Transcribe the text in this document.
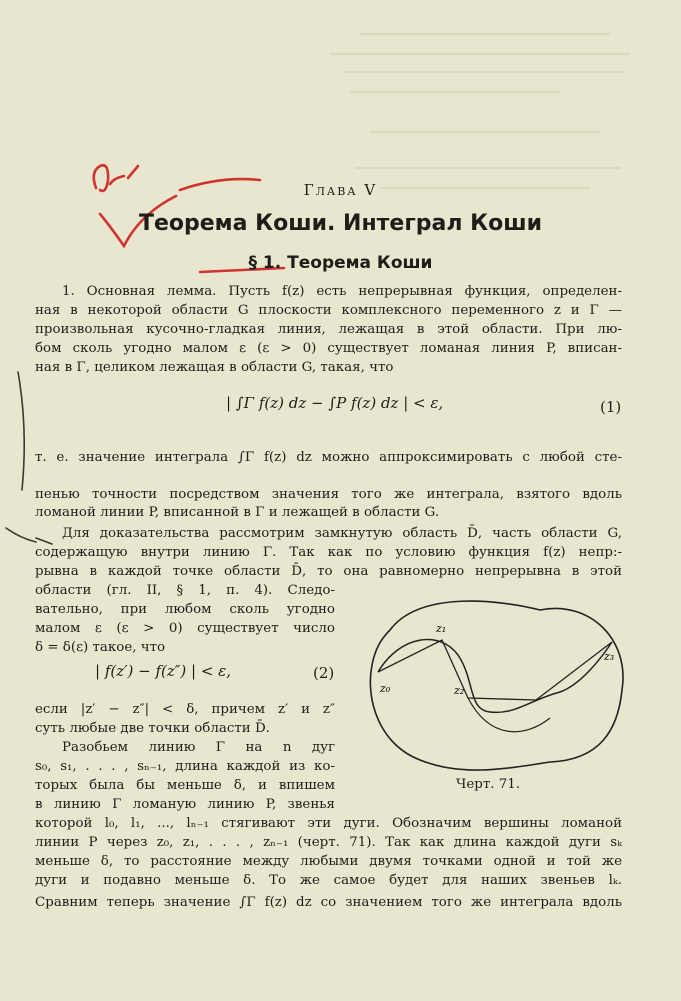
Глава V
Теорема Коши. Интеграл Коши
§ 1. Теорема Коши
1. Основная лемма. Пусть f(z) есть непрерывная функция, определен-
ная в некоторой области G плоскости комплексного переменного z и Γ —
произвольная кусочно-гладкая линия, лежащая в этой области. При лю-
бом сколь угодно малом ε (ε > 0) существует ломаная линия P, вписан-
ная в Γ, целиком лежащая в области G, такая, что
| ∫Γ f(z) dz − ∫P f(z) dz | < ε,	(1)
т. е. значение интеграла ∫Γ f(z) dz можно аппроксимировать с любой сте-
пенью точности посредством значения того же интеграла, взятого вдоль
ломаной линии P, вписанной в Γ и лежащей в области G.
Для доказательства рассмотрим замкнутую область D̄, часть области G,
содержащую внутри линию Γ. Так как по условию функция f(z) непр:-
рывна в каждой точке области D̄, то она равномерно непрерывна в этой
области (гл. II, § 1, п. 4). Следо-
вательно, при любом сколь угодно
малом ε (ε > 0) существует число
δ = δ(ε) такое, что
| f(z′) − f(z″) | < ε,	(2)
если |z′ − z″| < δ, причем z′ и z″
суть любые две точки области D̄.
Разобьем линию Γ на n дуг
s₀, s₁, . . . , sₙ₋₁, длина каждой из ко-
торых была бы меньше δ, и впишем
в линию Γ ломаную линию P, звенья
которой l₀, l₁, ..., lₙ₋₁ стягивают эти дуги. Обозначим вершины ломаной
линии P через z₀, z₁, . . . , zₙ₋₁ (черт. 71). Так как длина каждой дуги sₖ
меньше δ, то расстояние между любыми двумя точками одной и той же
дуги и подавно меньше δ. То же самое будет для наших звеньев lₖ.
Сравним теперь значение ∫Γ f(z) dz со значением того же интеграла вдоль
z₀
z₁
z₂
z₃
Черт. 71.
